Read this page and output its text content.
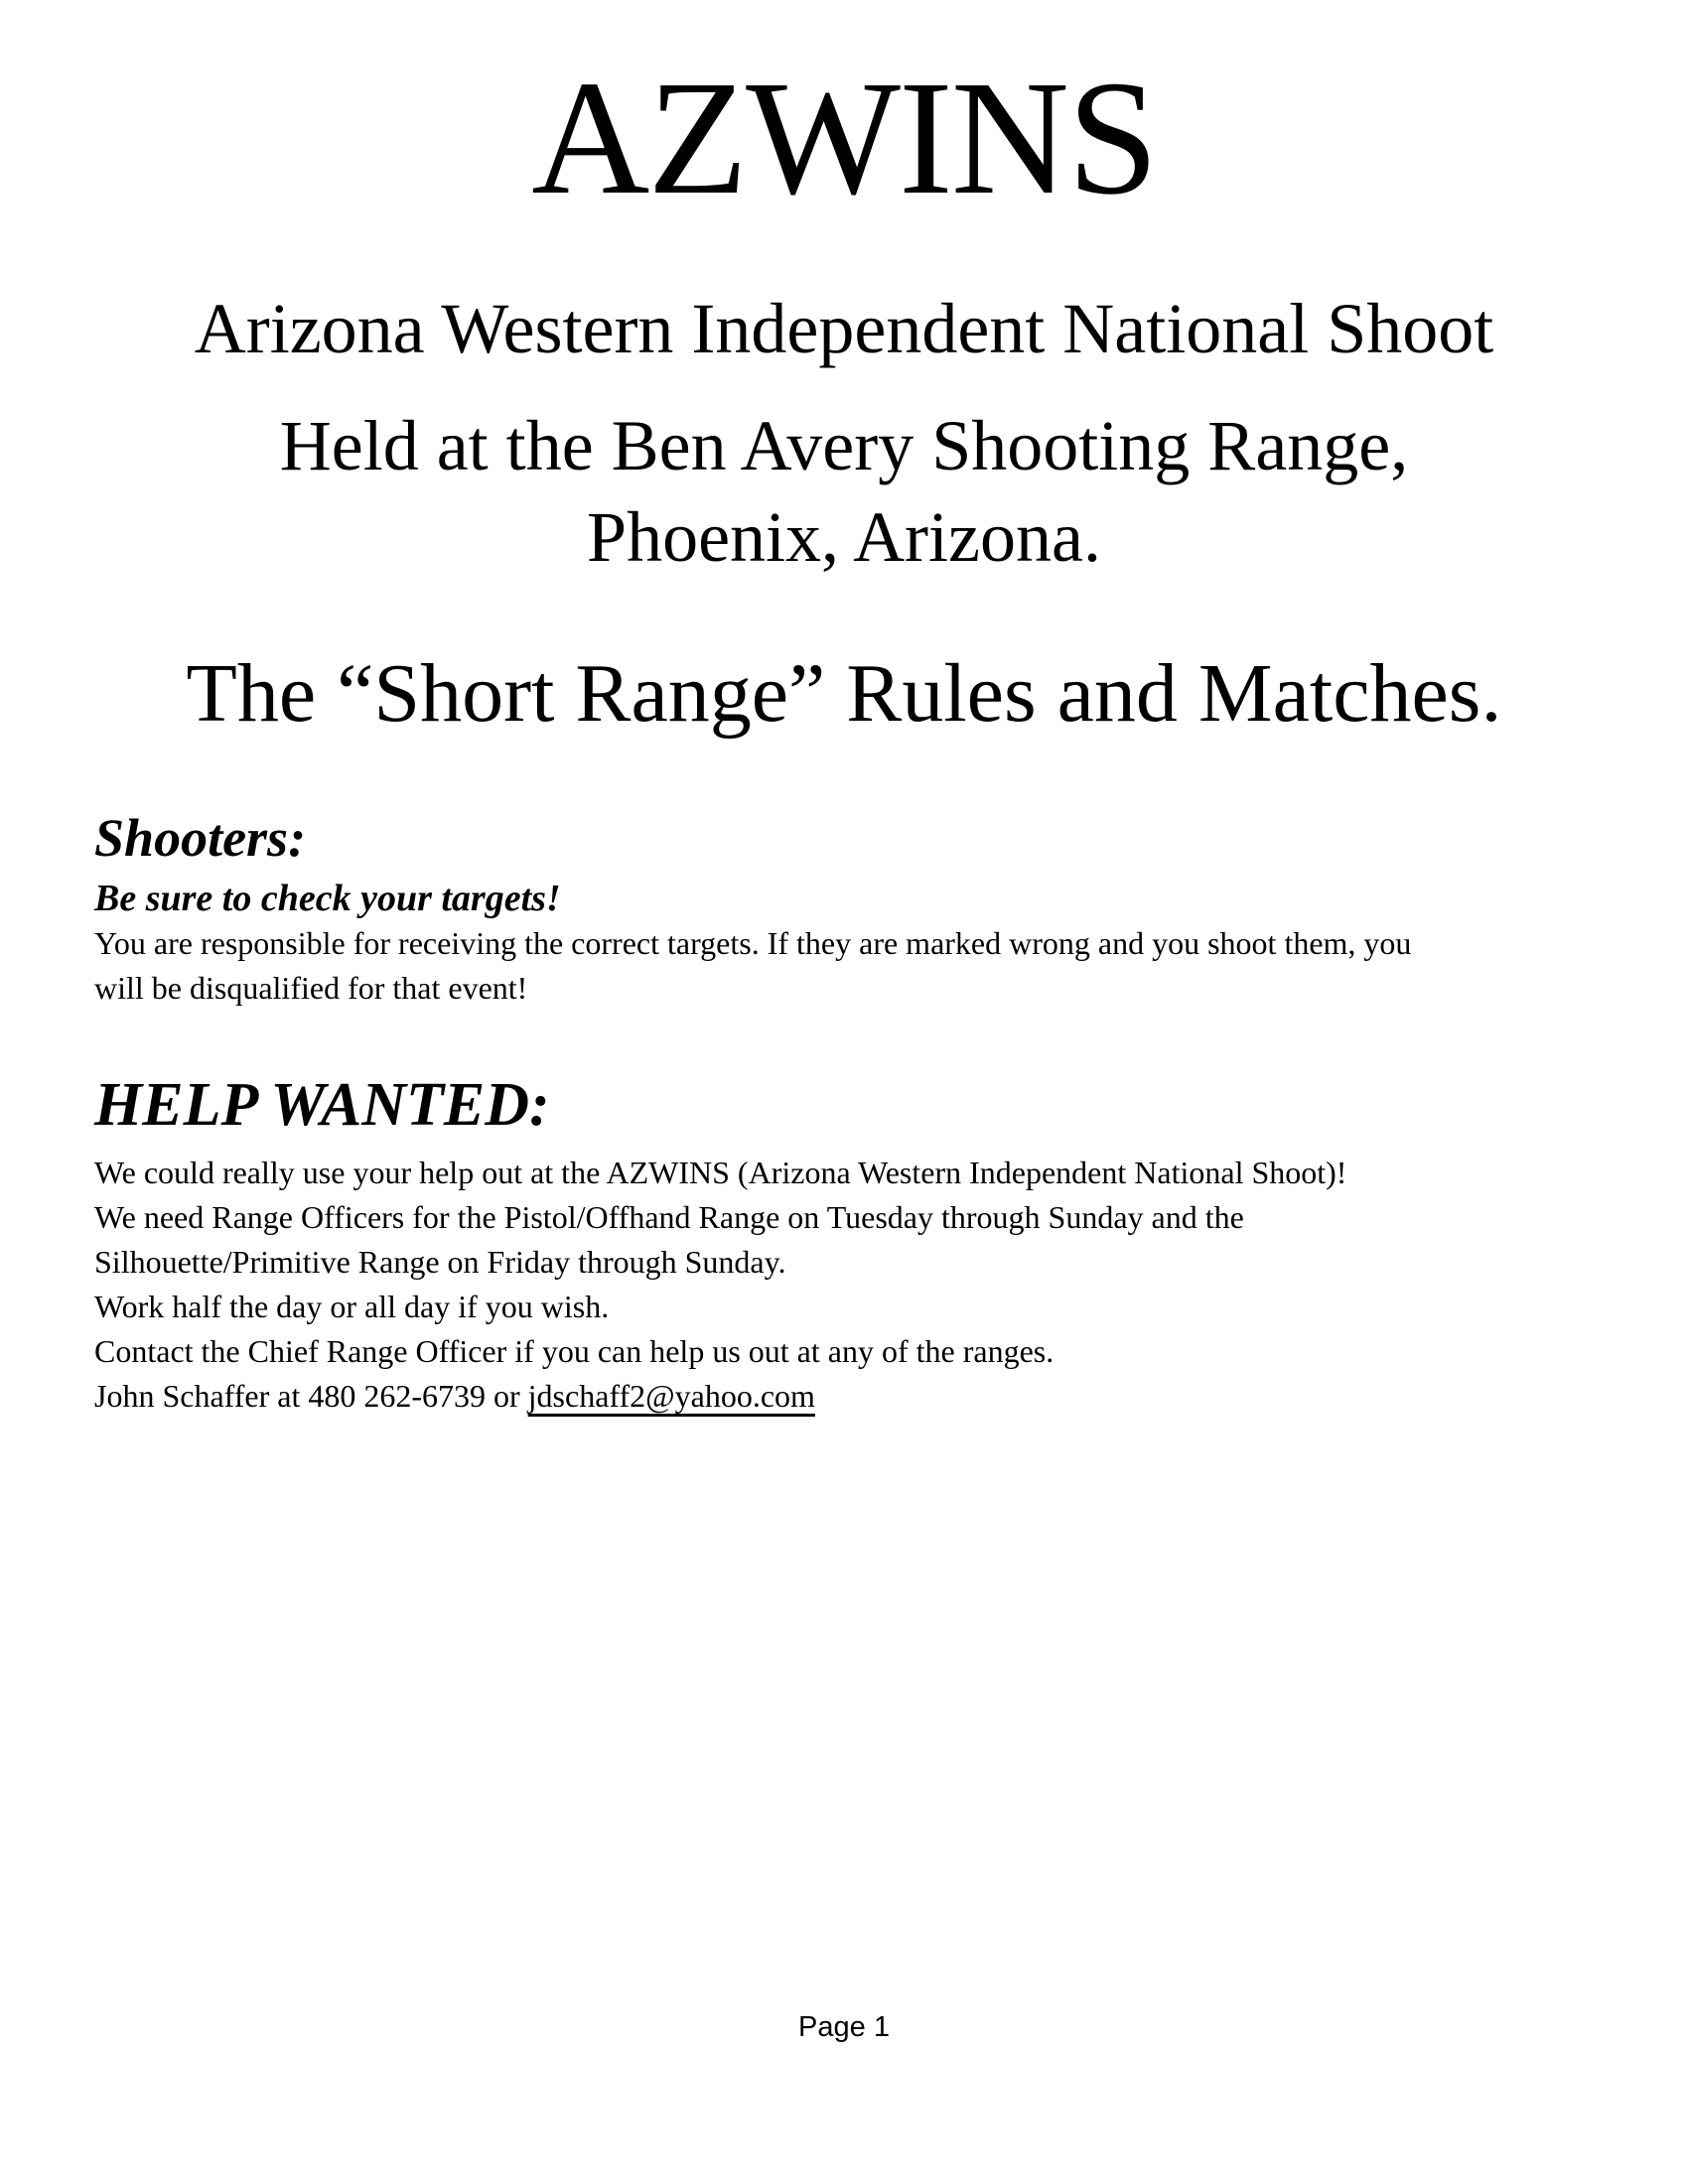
AZWINS
Arizona Western Independent National Shoot
Held at the Ben Avery Shooting Range,
Phoenix, Arizona.
The “Short Range” Rules and Matches.
Shooters:
Be sure to check your targets!
You are responsible for receiving the correct targets. If they are marked wrong and you shoot them, you
will be disqualified for that event!
HELP WANTED:
We could really use your help out at the AZWINS (Arizona Western Independent National Shoot)!
We need Range Officers for the Pistol/Offhand Range on Tuesday through Sunday and the
Silhouette/Primitive Range on Friday through Sunday.
Work half the day or all day if you wish.
Contact the Chief Range Officer if you can help us out at any of the ranges.
John Schaffer at 480 262-6739 or jdschaff2@yahoo.com
Page 1
